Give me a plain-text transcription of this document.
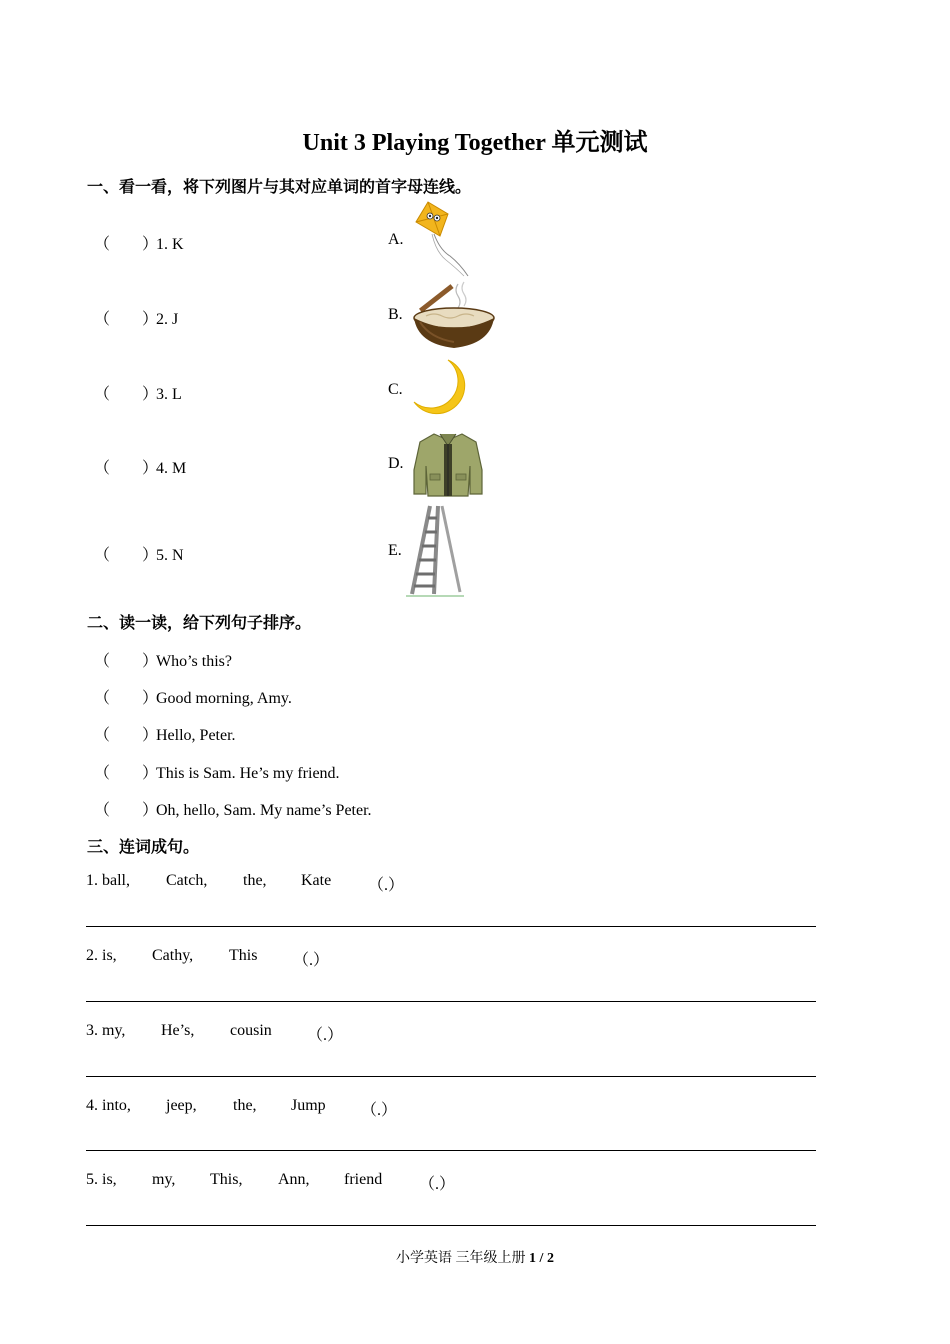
Unit 3 Playing Together 单元测试
一、看一看，将下列图片与其对应单词的首字母连线。
（　　）1. K
（　　）2. J
（　　）3. L
（　　）4. M
（　　）5. N
A.
B.
C.
D.
E.
二、读一读，给下列句子排序。
（　　）Who’s this?
（　　）Good morning, Amy.
（　　）Hello, Peter.
（　　）This is Sam. He’s my friend.
（　　）Oh, hello, Sam. My name’s Peter.
三、连词成句。

1. ball,

Catch,

the,

Kate

（.）

2. is,

Cathy,

This

（.）

3. my,

He’s,

cousin

（.）

4. into,

jeep,

the,

Jump

（.）

5. is,

my,

This,

Ann,

friend

（.）

小学英语 三年级上册 1 / 2
